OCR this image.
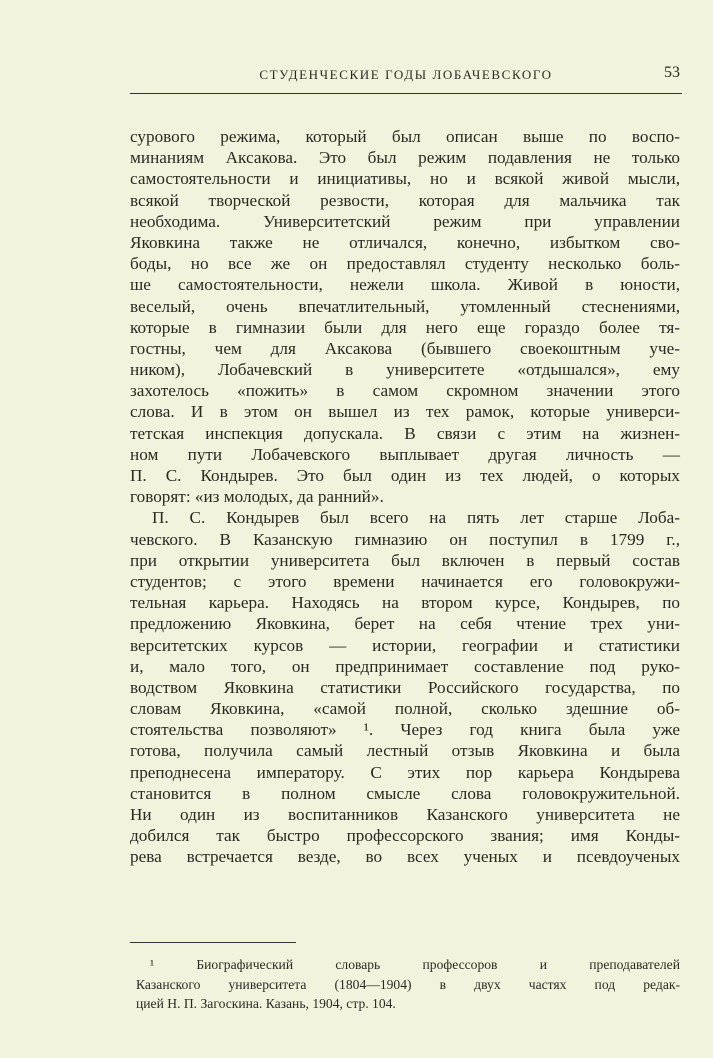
СТУДЕНЧЕСКИЕ ГОДЫ ЛОБАЧЕВСКОГО	53
сурового режима, который был описан выше по воспо-
минаниям Аксакова. Это был режим подавления не только
самостоятельности и инициативы, но и всякой живой мысли,
всякой творческой резвости, которая для мальчика так
необходима. Университетский режим при управлении
Яковкина также не отличался, конечно, избытком сво-
боды, но все же он предоставлял студенту несколько боль-
ше самостоятельности, нежели школа. Живой в юности,
веселый, очень впечатлительный, утомленный стеснениями,
которые в гимназии были для него еще гораздо более тя-
гостны, чем для Аксакова (бывшего своекоштным уче-
ником), Лобачевский в университете «отдышался», ему
захотелось «пожить» в самом скромном значении этого
слова. И в этом он вышел из тех рамок, которые универси-
тетская инспекция допускала. В связи с этим на жизнен-
ном пути Лобачевского выплывает другая личность —
П. С. Кондырев. Это был один из тех людей, о которых
говорят: «из молодых, да ранний».
П. С. Кондырев был всего на пять лет старше Лоба-
чевского. В Казанскую гимназию он поступил в 1799 г.,
при открытии университета был включен в первый состав
студентов; с этого времени начинается его головокружи-
тельная карьера. Находясь на втором курсе, Кондырев, по
предложению Яковкина, берет на себя чтение трех уни-
верситетских курсов — истории, географии и статистики
и, мало того, он предпринимает составление под руко-
водством Яковкина статистики Российского государства, по
словам Яковкина, «самой полной, сколько здешние об-
стоятельства позволяют» ¹. Через год книга была уже
готова, получила самый лестный отзыв Яковкина и была
преподнесена императору. С этих пор карьера Кондырева
становится в полном смысле слова головокружительной.
Ни один из воспитанников Казанского университета не
добился так быстро профессорского звания; имя Конды-
рева встречается везде, во всех ученых и псевдоученых
¹ Биографический словарь профессоров и преподавателей
Казанского университета (1804—1904) в двух частях под редак-
цией Н. П. Загоскина. Казань, 1904, стр. 104.
